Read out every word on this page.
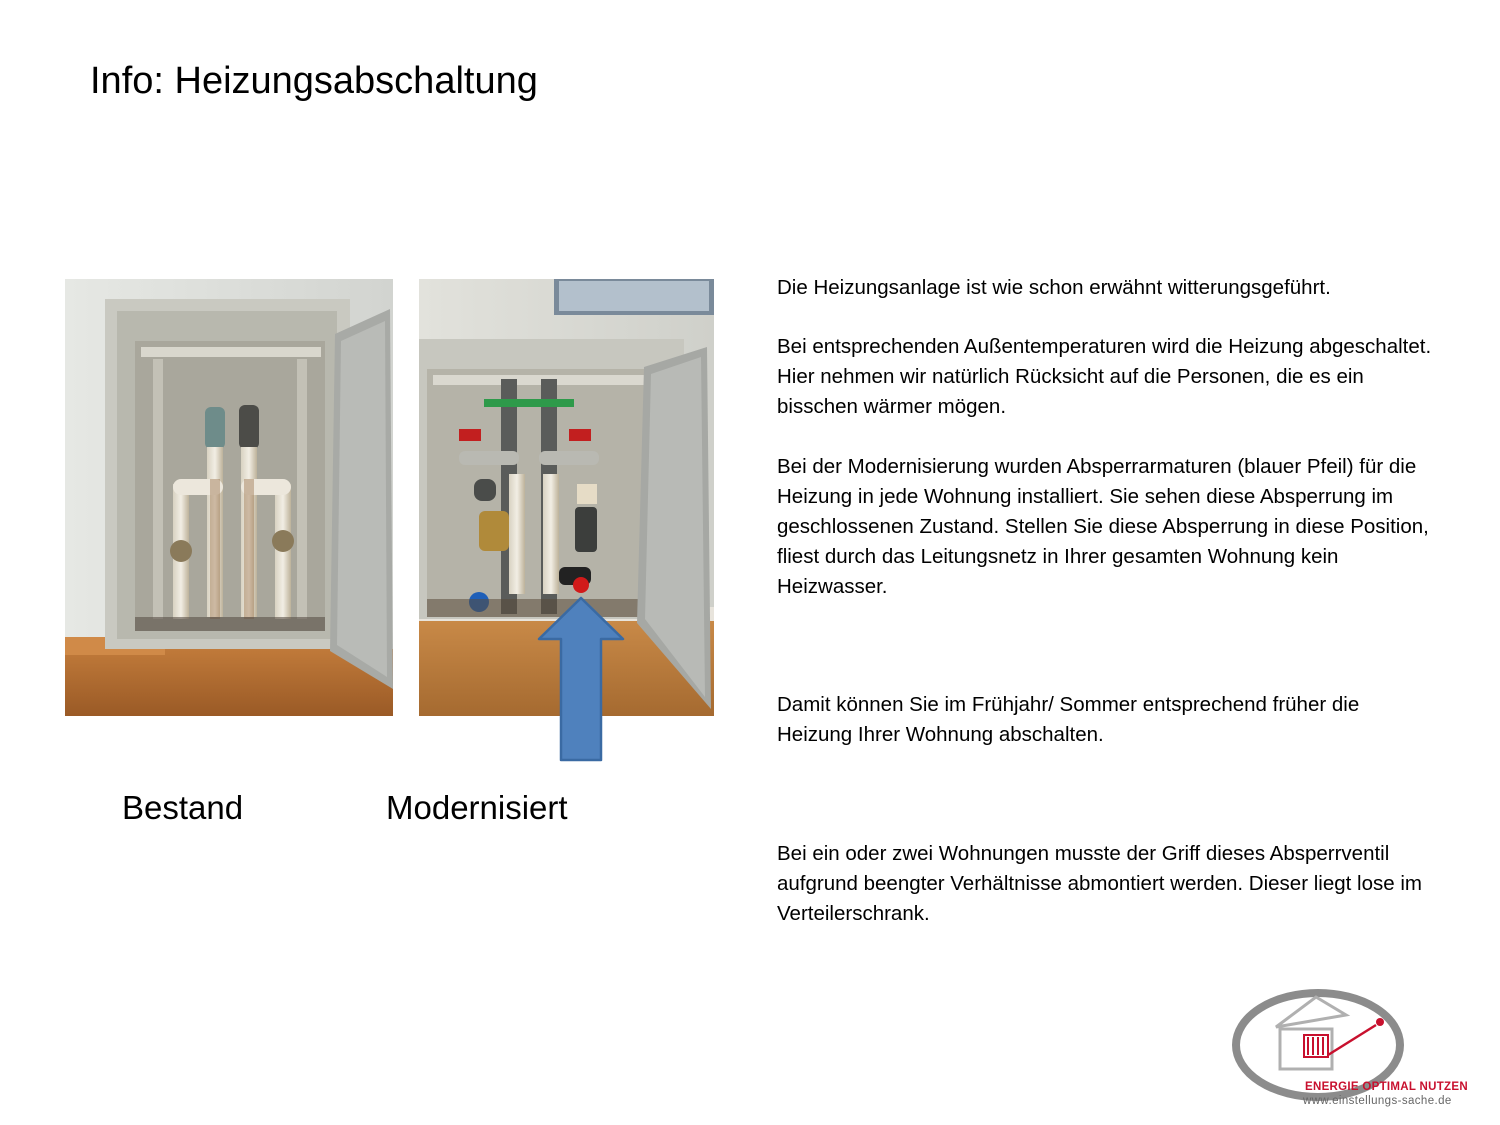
Info: Heizungsabschaltung
Bestand	Modernisiert

Die Heizungsanlage ist wie schon erwähnt witterungsgeführt.

Bei entsprechenden Außentemperaturen wird die Heizung abgeschaltet. Hier nehmen wir natürlich Rücksicht auf die Personen, die es ein bisschen wärmer mögen.

Bei der Modernisierung wurden Absperrarmaturen (blauer Pfeil) für die Heizung in jede Wohnung installiert. Sie sehen diese Absperrung im geschlossenen Zustand. Stellen Sie diese Absperrung in diese Position, fliest durch das Leitungsnetz in Ihrer gesamten Wohnung kein Heizwasser.

Damit können Sie im Frühjahr/ Sommer entsprechend früher die Heizung Ihrer Wohnung abschalten.

Bei ein oder zwei Wohnungen musste der Griff dieses Absperrventil aufgrund beengter Verhältnisse abmontiert werden. Dieser liegt lose im Verteilerschrank.

ENERGIE OPTIMAL NUTZEN
www.einstellungs-sache.de
